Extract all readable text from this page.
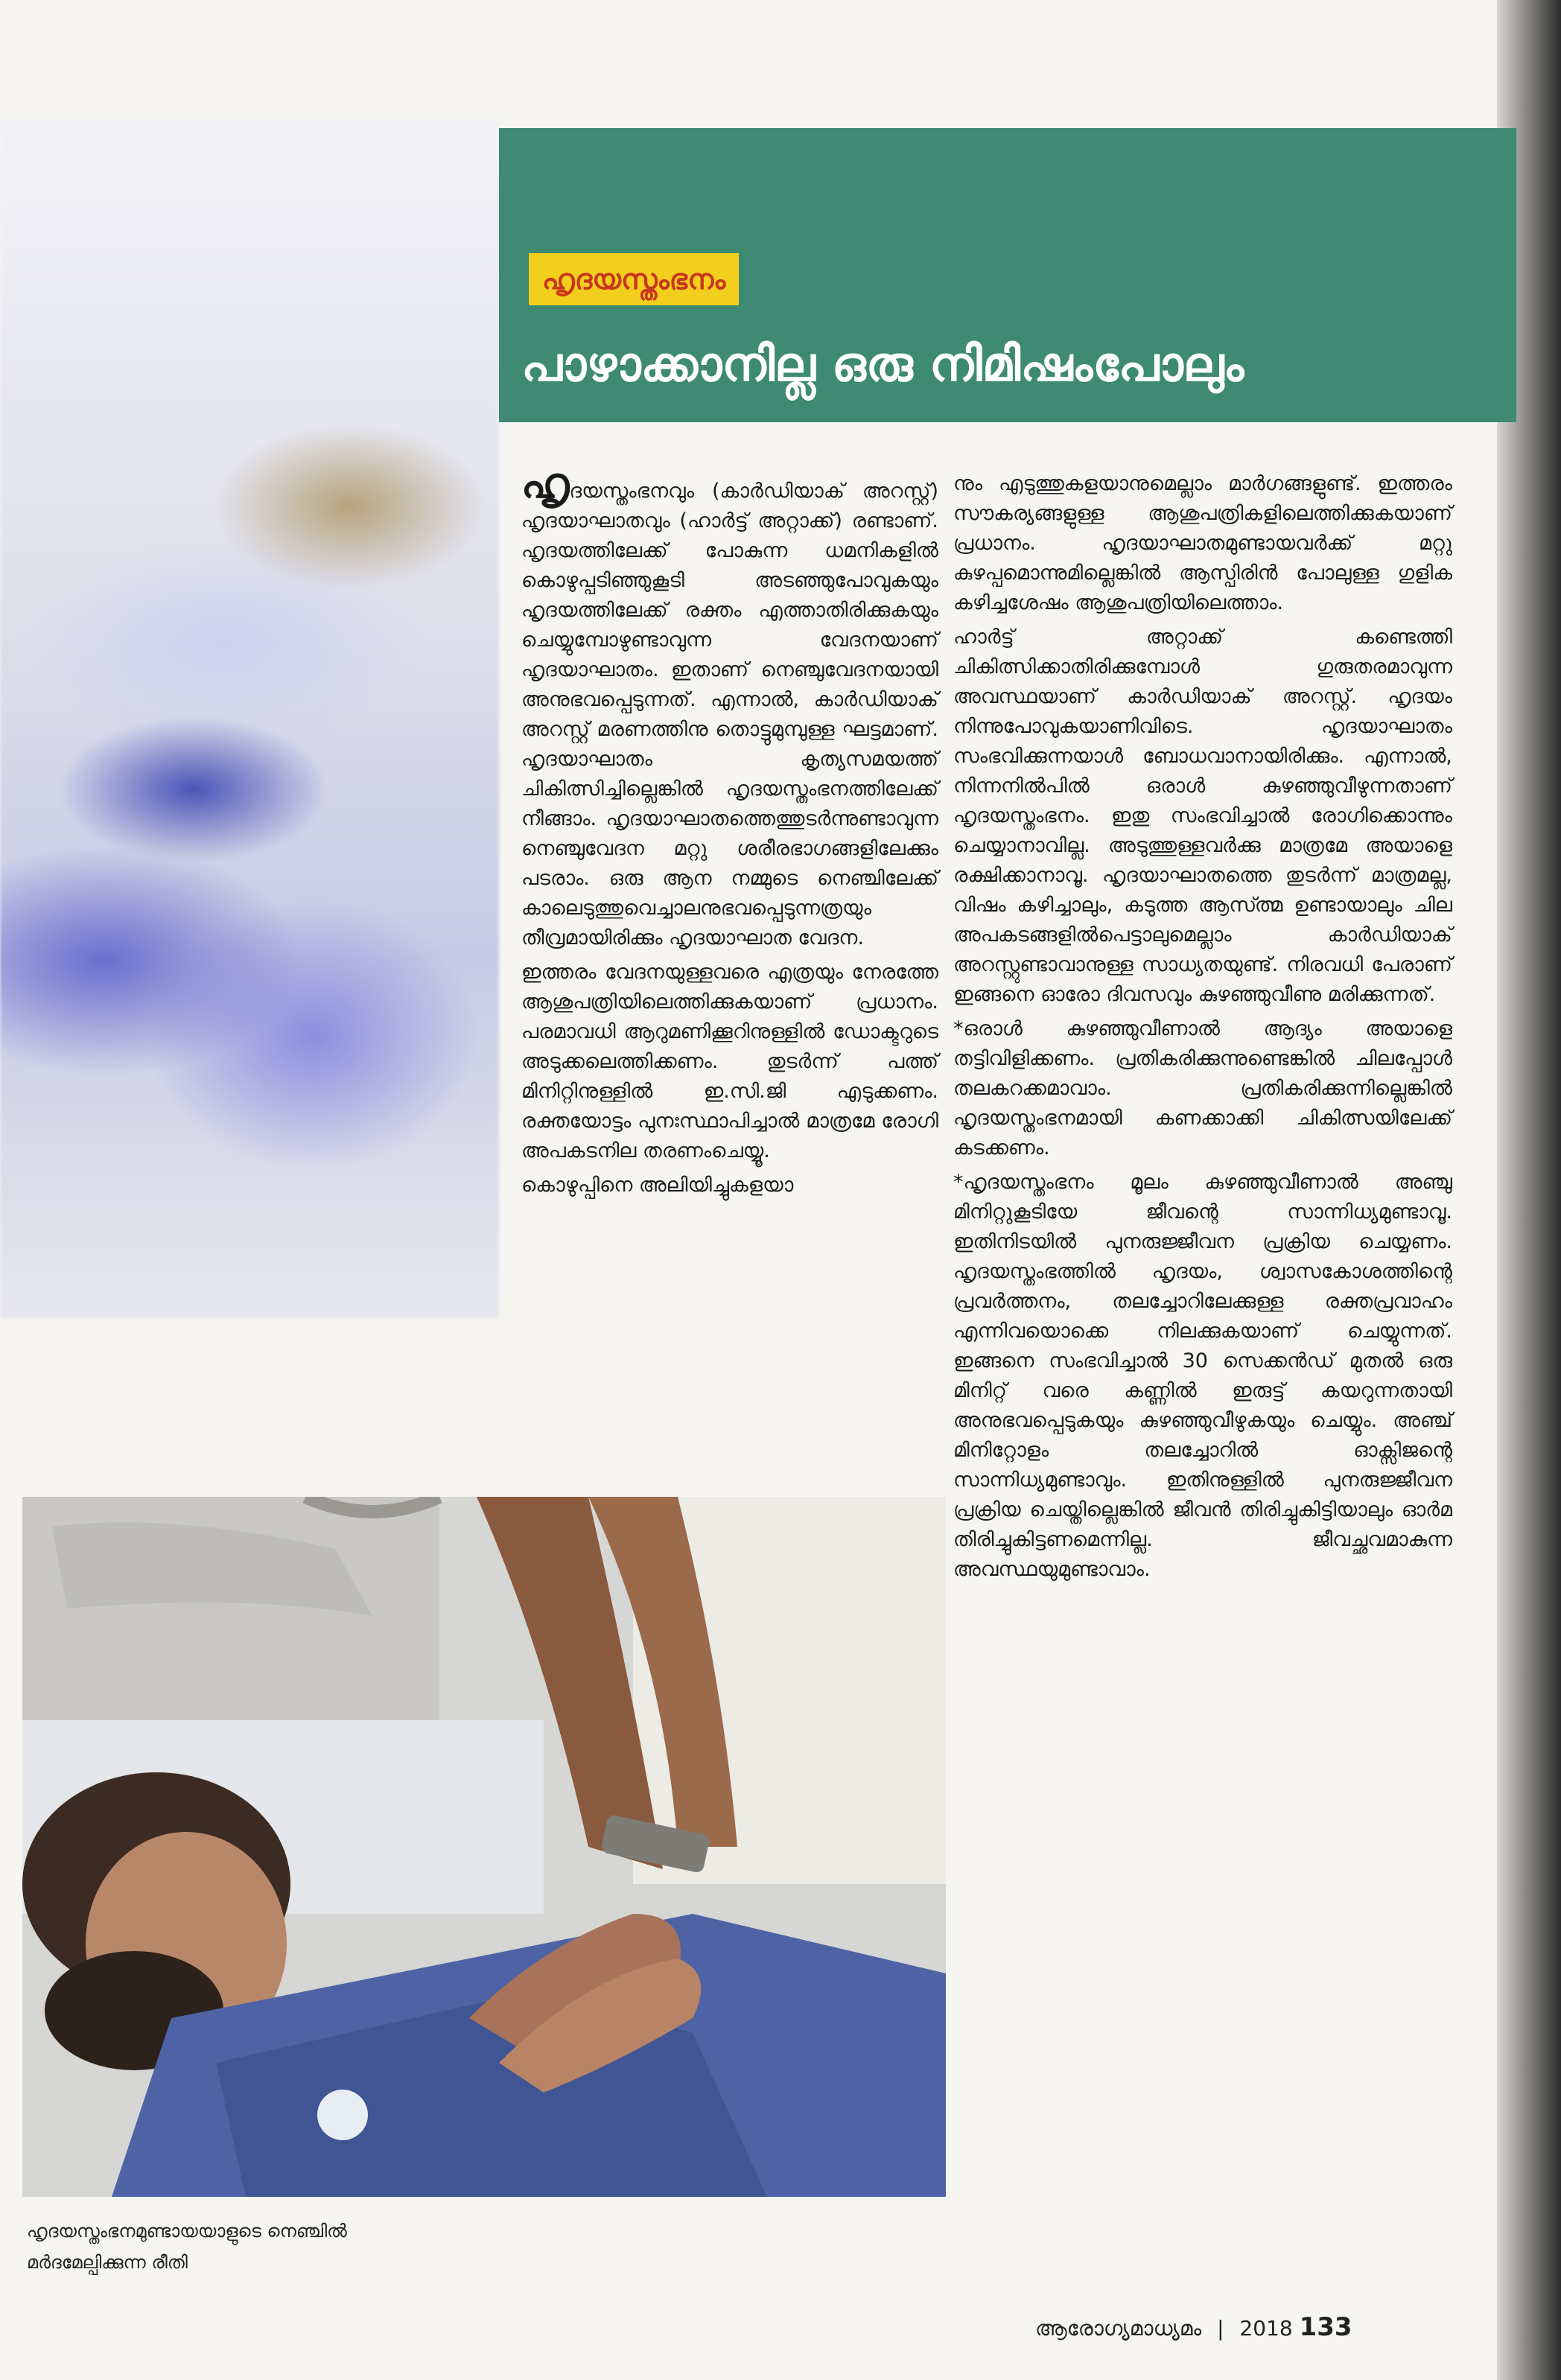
ഹൃദയസ്തംഭനം
പാഴാക്കാനില്ല ഒരു നിമിഷംപോലും

ഹൃദയസ്തംഭനവും (കാർഡിയാക് അറസ്റ്റ്) ഹൃദയാഘാതവും (ഹാർട്ട് അറ്റാക്ക്) രണ്ടാണ്. ഹൃദയത്തിലേക്ക് പോകുന്ന ധമനികളിൽ കൊഴുപ്പടിഞ്ഞുകൂടി അടഞ്ഞുപോവുകയും ഹൃദയത്തിലേക്ക് രക്തം എത്താതിരിക്കുകയും ചെയ്യുമ്പോഴുണ്ടാവുന്ന വേദനയാണ് ഹൃദയാഘാതം. ഇതാണ് നെഞ്ചുവേദനയായി അനുഭവപ്പെടുന്നത്. എന്നാൽ, കാർഡിയാക് അറസ്റ്റ് മരണത്തിനു തൊട്ടുമുമ്പുള്ള ഘട്ടമാണ്. ഹൃദയാഘാതം കൃത്യസമയത്ത് ചികിത്സിച്ചില്ലെങ്കിൽ ഹൃദയസ്തംഭനത്തിലേക്ക് നീങ്ങാം. ഹൃദയാഘാതത്തെത്തുടർന്നുണ്ടാവുന്ന നെഞ്ചുവേദന മറ്റു ശരീരഭാഗങ്ങളിലേക്കും പടരാം. ഒരു ആന നമ്മുടെ നെഞ്ചിലേക്ക് കാലെടുത്തുവെച്ചാലനുഭവപ്പെടുന്നത്രയും തീവ്രമായിരിക്കും ഹൃദയാഘാത വേദന.

ഇത്തരം വേദനയുള്ളവരെ എത്രയും നേരത്തേ ആശുപത്രിയിലെത്തിക്കുകയാണ് പ്രധാനം. പരമാവധി ആറുമണിക്കൂറിനുള്ളിൽ ഡോക്ടറുടെ അടുക്കലെത്തിക്കണം. തുടർന്ന് പത്ത് മിനിറ്റിനുള്ളിൽ ഇ.സി.ജി എടുക്കണം. രക്തയോട്ടം പുനഃസ്ഥാപിച്ചാൽ മാത്രമേ രോഗി അപകടനില തരണംചെയ്യൂ.

കൊഴുപ്പിനെ അലിയിച്ചുകളയാ

നും എടുത്തുകളയാനുമെല്ലാം മാർഗങ്ങളുണ്ട്. ഇത്തരം സൗകര്യങ്ങളുള്ള ആശുപത്രികളിലെത്തിക്കുകയാണ് പ്രധാനം. ഹൃദയാഘാതമുണ്ടായവർക്ക് മറ്റു കുഴപ്പമൊന്നുമില്ലെങ്കിൽ ആസ്പിരിൻ പോലുള്ള ഗുളിക കഴിച്ചശേഷം ആശുപത്രിയിലെത്താം.

ഹാർട്ട് അറ്റാക്ക് കണ്ടെത്തി ചികിത്സിക്കാതിരിക്കുമ്പോൾ ഗുരുതരമാവുന്ന അവസ്ഥയാണ് കാർഡിയാക് അറസ്റ്റ്. ഹൃദയം നിന്നുപോവുകയാണിവിടെ. ഹൃദയാഘാതം സംഭവിക്കുന്നയാൾ ബോധവാനായിരിക്കും. എന്നാൽ, നിന്നനിൽപിൽ ഒരാൾ കുഴഞ്ഞുവീഴുന്നതാണ് ഹൃദയസ്തംഭനം. ഇതു സംഭവിച്ചാൽ രോഗിക്കൊന്നും ചെയ്യാനാവില്ല. അടുത്തുള്ളവർക്കു മാത്രമേ അയാളെ രക്ഷിക്കാനാവൂ. ഹൃദയാഘാതത്തെ തുടർന്ന് മാത്രമല്ല, വിഷം കഴിച്ചാലും, കടുത്ത ആസ്ത്മ ഉണ്ടായാലും ചില അപകടങ്ങളിൽപെട്ടാലുമെല്ലാം കാർഡിയാക് അറസ്റ്റുണ്ടാവാനുള്ള സാധ്യതയുണ്ട്. നിരവധി പേരാണ് ഇങ്ങനെ ഓരോ ദിവസവും കുഴഞ്ഞുവീണു മരിക്കുന്നത്.

*ഒരാൾ കുഴഞ്ഞുവീണാൽ ആദ്യം അയാളെ തട്ടിവിളിക്കണം. പ്രതികരിക്കുന്നുണ്ടെങ്കിൽ ചിലപ്പോൾ തലകറക്കമാവാം. പ്രതികരിക്കുന്നില്ലെങ്കിൽ ഹൃദയസ്തംഭനമായി കണക്കാക്കി ചികിത്സയിലേക്ക് കടക്കണം.

*ഹൃദയസ്തംഭനം മൂലം കുഴഞ്ഞുവീണാൽ അഞ്ചു മിനിറ്റുകൂടിയേ ജീവന്റെ സാന്നിധ്യമുണ്ടാവൂ. ഇതിനിടയിൽ പുനരുജ്ജീവന പ്രക്രിയ ചെയ്യണം. ഹൃദയസ്തംഭത്തിൽ ഹൃദയം, ശ്വാസകോശത്തിന്റെ പ്രവർത്തനം, തലച്ചോറിലേക്കുള്ള രക്തപ്രവാഹം എന്നിവയൊക്കെ നിലക്കുകയാണ് ചെയ്യുന്നത്. ഇങ്ങനെ സംഭവിച്ചാൽ 30 സെക്കൻഡ് മുതൽ ഒരു മിനിറ്റ് വരെ കണ്ണിൽ ഇരുട്ട് കയറുന്നതായി അനുഭവപ്പെടുകയും കുഴഞ്ഞുവീഴുകയും ചെയ്യും. അഞ്ച് മിനിറ്റോളം തലച്ചോറിൽ ഓക്സിജന്റെ സാന്നിധ്യമുണ്ടാവും. ഇതിനുള്ളിൽ പുനരുജ്ജീവന പ്രക്രിയ ചെയ്തില്ലെങ്കിൽ ജീവൻ തിരിച്ചുകിട്ടിയാലും ഓർമ തിരിച്ചുകിട്ടണമെന്നില്ല. ജീവച്ഛവമാകുന്ന അവസ്ഥയുമുണ്ടാവാം.

ഹൃദയസ്തംഭനമുണ്ടായയാളുടെ നെഞ്ചിൽ
മർദമേല്പിക്കുന്ന രീതി
ആരോഗ്യമാധ്യമം | 2018 133
